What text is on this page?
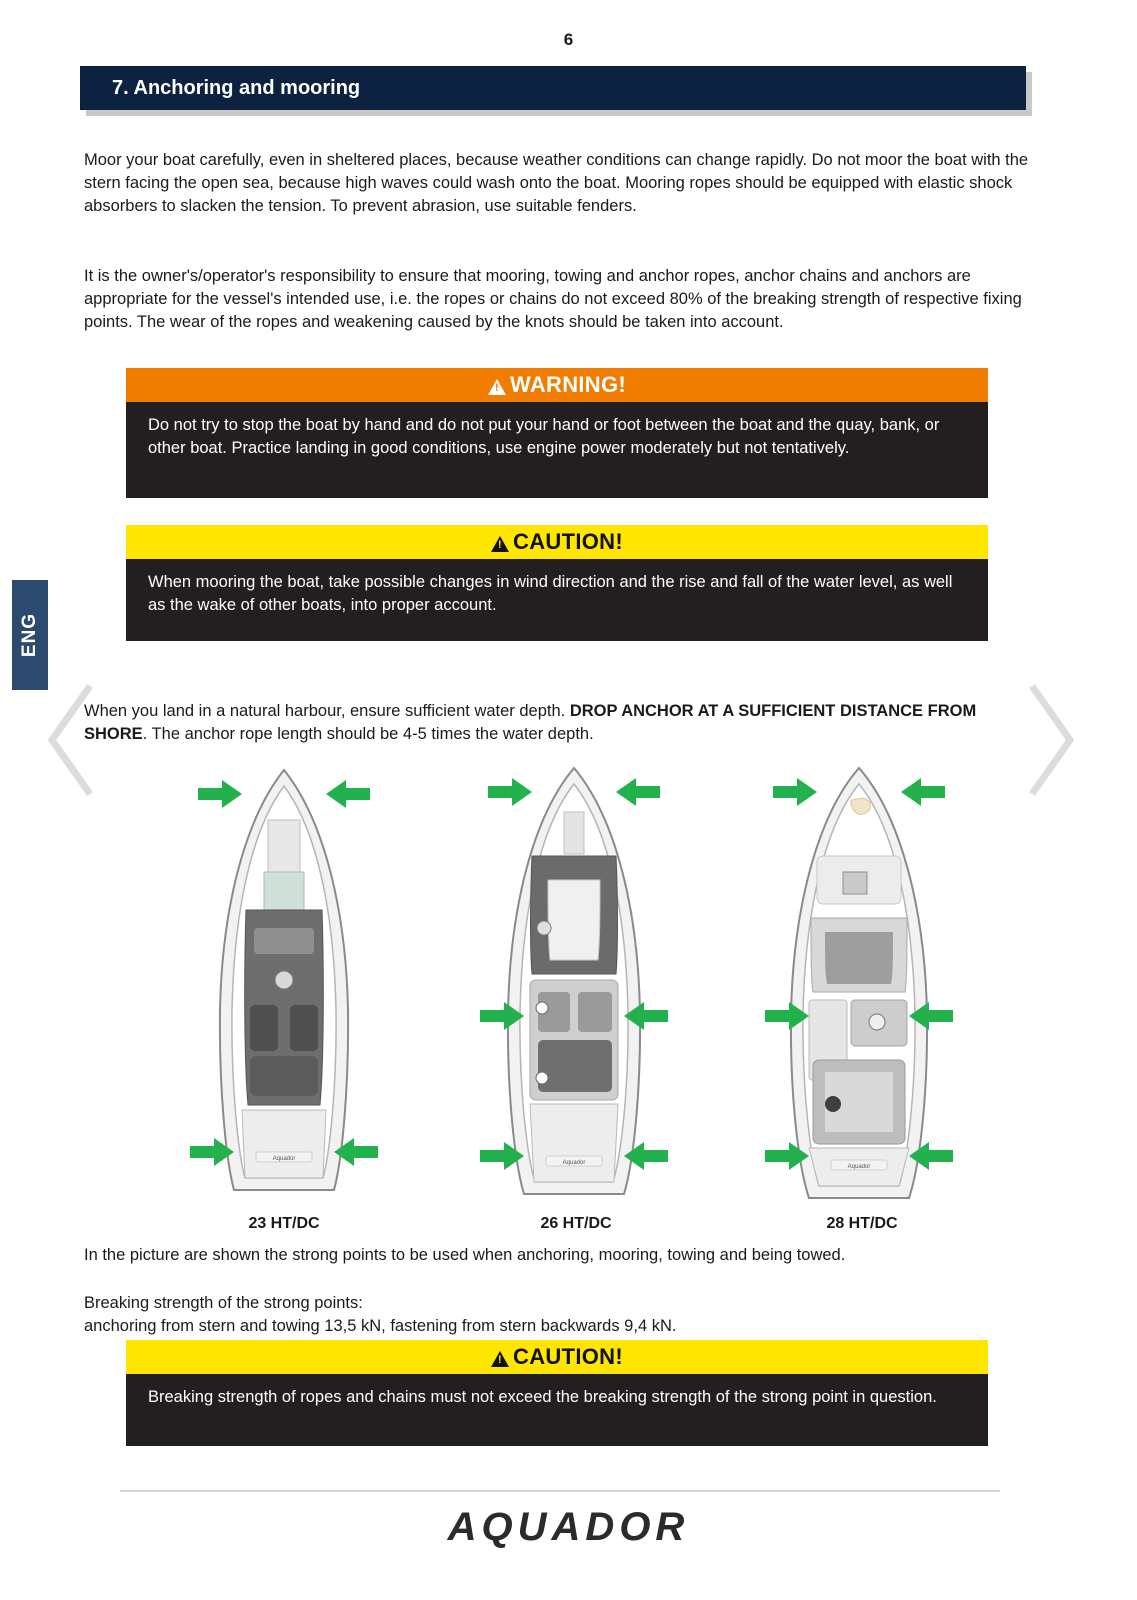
6
ENG
7. Anchoring and mooring
Moor your boat carefully, even in sheltered places, because weather conditions can change rapidly. Do not moor the boat with the stern facing the open sea, because high waves could wash onto the boat. Mooring ropes should be equipped with elastic shock absorbers to slacken the tension. To prevent abrasion, use suitable fenders.
It is the owner's/operator's responsibility to ensure that mooring, towing and anchor ropes, anchor chains and anchors are appropriate for the vessel's intended use, i.e. the ropes or chains do not exceed 80% of the breaking strength of respective fixing points. The wear of the ropes and weakening caused by the knots should be taken into account.
! WARNING!
Do not try to stop the boat by hand and do not put your hand or foot between the boat and the quay, bank, or other boat. Practice landing in good conditions, use engine power moderately but not tentatively.
! CAUTION!
When mooring the boat, take possible changes in wind direction and the rise and fall of the water level, as well as the wake of other boats, into proper account.
When you land in a natural harbour, ensure sufficient water depth. DROP ANCHOR AT A SUFFICIENT DISTANCE FROM SHORE. The anchor rope length should be 4-5 times the water depth.
Aquador
Aquador
Aquador
23 HT/DC	26 HT/DC	28 HT/DC
In the picture are shown the strong points to be used when anchoring, mooring, towing and being towed.
Breaking strength of the strong points:
anchoring from stern and towing 13,5 kN, fastening from stern backwards 9,4 kN.
! CAUTION!
Breaking strength of ropes and chains must not exceed the breaking strength of the strong point in question.
AQUADOR
